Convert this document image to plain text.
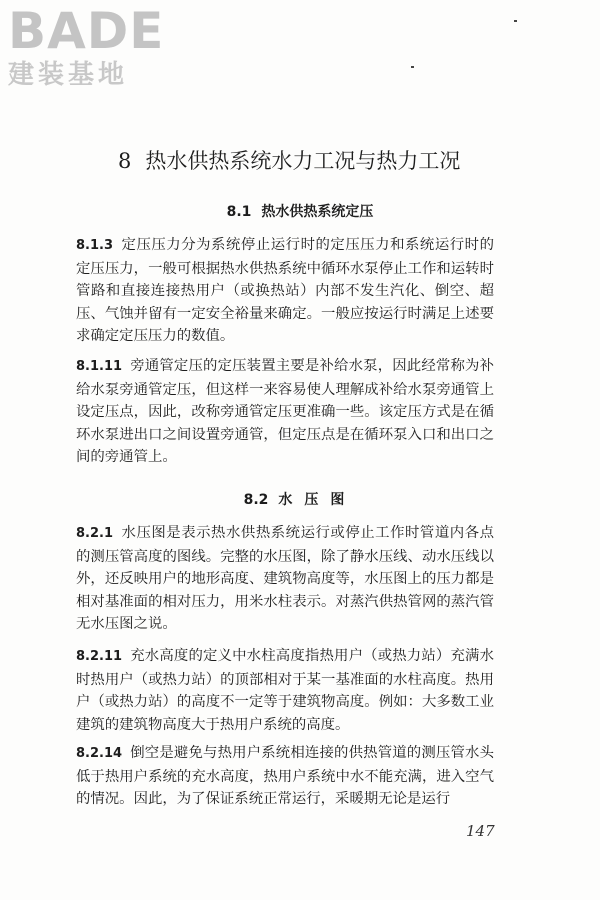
BADE
建装基地
8 热水供热系统水力工况与热力工况
8.1 热水供热系统定压
8.1.3 定压压力分为系统停止运行时的定压压力和系统运行时的定压压力，一般可根据热水供热系统中循环水泵停止工作和运转时管路和直接连接热用户（或换热站）内部不发生汽化、倒空、超压、气蚀并留有一定安全裕量来确定。一般应按运行时满足上述要求确定定压压力的数值。
8.1.11 旁通管定压的定压装置主要是补给水泵，因此经常称为补给水泵旁通管定压，但这样一来容易使人理解成补给水泵旁通管上设定压点，因此，改称旁通管定压更准确一些。该定压方式是在循环水泵进出口之间设置旁通管，但定压点是在循环泵入口和出口之间的旁通管上。
8.2 水压图
8.2.1 水压图是表示热水供热系统运行或停止工作时管道内各点的测压管高度的图线。完整的水压图，除了静水压线、动水压线以外，还反映用户的地形高度、建筑物高度等，水压图上的压力都是相对基准面的相对压力，用米水柱表示。对蒸汽供热管网的蒸汽管无水压图之说。
8.2.11 充水高度的定义中水柱高度指热用户（或热力站）充满水时热用户（或热力站）的顶部相对于某一基准面的水柱高度。热用户（或热力站）的高度不一定等于建筑物高度。例如：大多数工业建筑的建筑物高度大于热用户系统的高度。
8.2.14 倒空是避免与热用户系统相连接的供热管道的测压管水头低于热用户系统的充水高度，热用户系统中水不能充满，进入空气的情况。因此，为了保证系统正常运行，采暖期无论是运行
147
